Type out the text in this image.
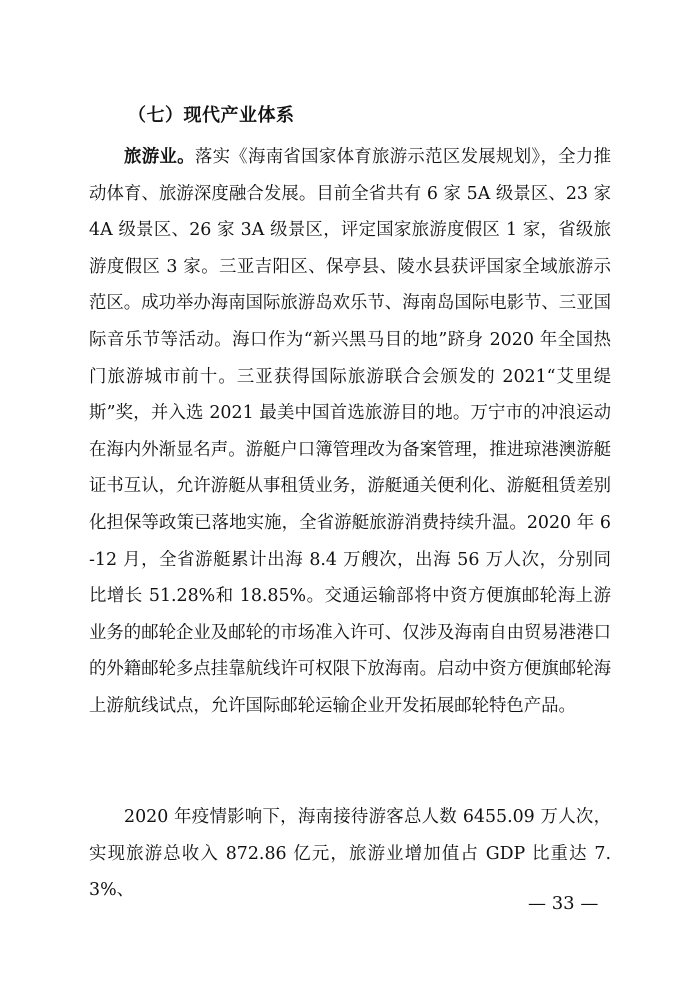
（七）现代产业体系

旅游业。落实《海南省国家体育旅游示范区发展规划》，全力推动体育、旅游深度融合发展。目前全省共有 6 家 5A 级景区、23 家 4A 级景区、26 家 3A 级景区，评定国家旅游度假区 1 家，省级旅游度假区 3 家。三亚吉阳区、保亭县、陵水县获评国家全域旅游示范区。成功举办海南国际旅游岛欢乐节、海南岛国际电影节、三亚国际音乐节等活动。海口作为“新兴黑马目的地”跻身 2020 年全国热门旅游城市前十。三亚获得国际旅游联合会颁发的 2021“艾里缇斯”奖，并入选 2021 最美中国首选旅游目的地。万宁市的冲浪运动在海内外渐显名声。游艇户口簿管理改为备案管理，推进琼港澳游艇证书互认，允许游艇从事租赁业务，游艇通关便利化、游艇租赁差别化担保等政策已落地实施，全省游艇旅游消费持续升温。2020 年 6-12 月，全省游艇累计出海 8.4 万艘次，出海 56 万人次，分别同比增长 51.28%和 18.85%。交通运输部将中资方便旗邮轮海上游业务的邮轮企业及邮轮的市场准入许可、仅涉及海南自由贸易港港口的外籍邮轮多点挂靠航线许可权限下放海南。启动中资方便旗邮轮海上游航线试点，允许国际邮轮运输企业开发拓展邮轮特色产品。

2020 年疫情影响下，海南接待游客总人数 6455.09 万人次，实现旅游总收入 872.86 亿元，旅游业增加值占 GDP 比重达 7.3%、

— 33 —
